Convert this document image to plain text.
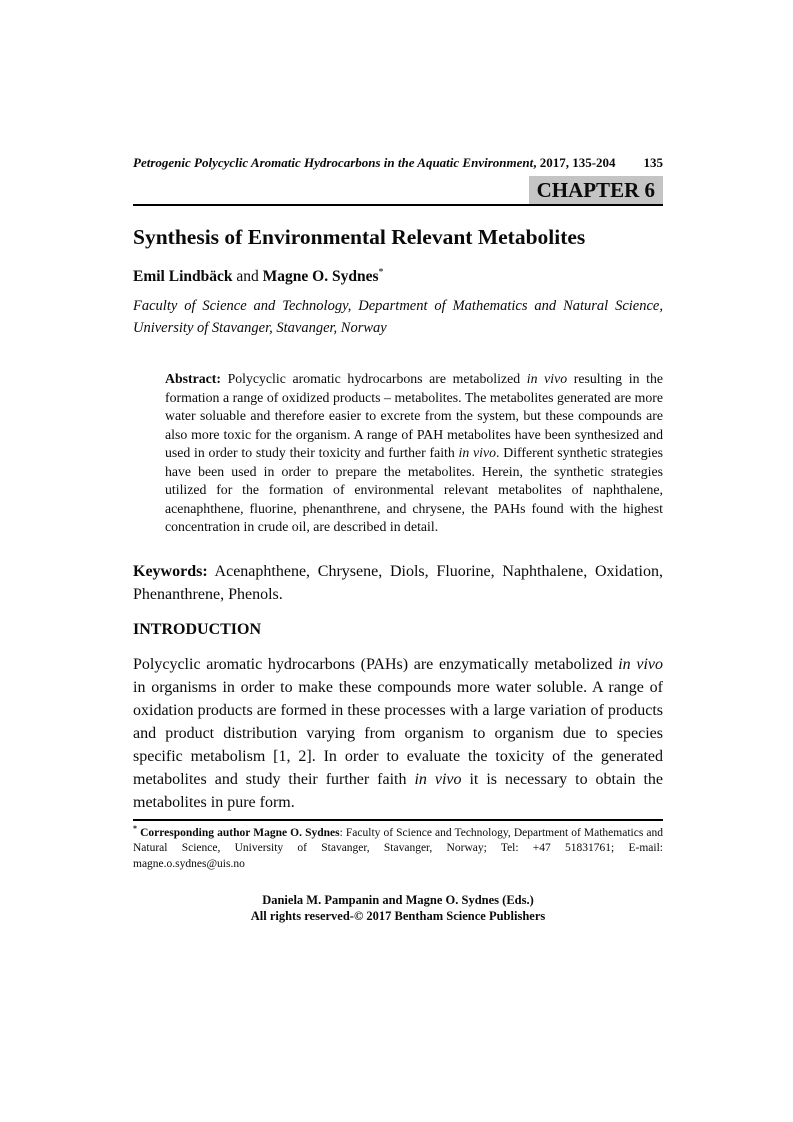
Petrogenic Polycyclic Aromatic Hydrocarbons in the Aquatic Environment, 2017, 135-204	135
CHAPTER 6
Synthesis of Environmental Relevant Metabolites
Emil Lindbäck and Magne O. Sydnes*
Faculty of Science and Technology, Department of Mathematics and Natural Science, University of Stavanger, Stavanger, Norway
Abstract: Polycyclic aromatic hydrocarbons are metabolized in vivo resulting in the formation a range of oxidized products – metabolites. The metabolites generated are more water soluable and therefore easier to excrete from the system, but these compounds are also more toxic for the organism. A range of PAH metabolites have been synthesized and used in order to study their toxicity and further faith in vivo. Different synthetic strategies have been used in order to prepare the metabolites. Herein, the synthetic strategies utilized for the formation of environmental relevant metabolites of naphthalene, acenaphthene, fluorine, phenanthrene, and chrysene, the PAHs found with the highest concentration in crude oil, are described in detail.
Keywords: Acenaphthene, Chrysene, Diols, Fluorine, Naphthalene, Oxidation, Phenanthrene, Phenols.
INTRODUCTION
Polycyclic aromatic hydrocarbons (PAHs) are enzymatically metabolized in vivo in organisms in order to make these compounds more water soluble. A range of oxidation products are formed in these processes with a large variation of products and product distribution varying from organism to organism due to species specific metabolism [1, 2]. In order to evaluate the toxicity of the generated metabolites and study their further faith in vivo it is necessary to obtain the metabolites in pure form.
* Corresponding author Magne O. Sydnes: Faculty of Science and Technology, Department of Mathematics and Natural Science, University of Stavanger, Stavanger, Norway; Tel: +47 51831761; E-mail: magne.o.sydnes@uis.no
Daniela M. Pampanin and Magne O. Sydnes (Eds.)
All rights reserved-© 2017 Bentham Science Publishers
